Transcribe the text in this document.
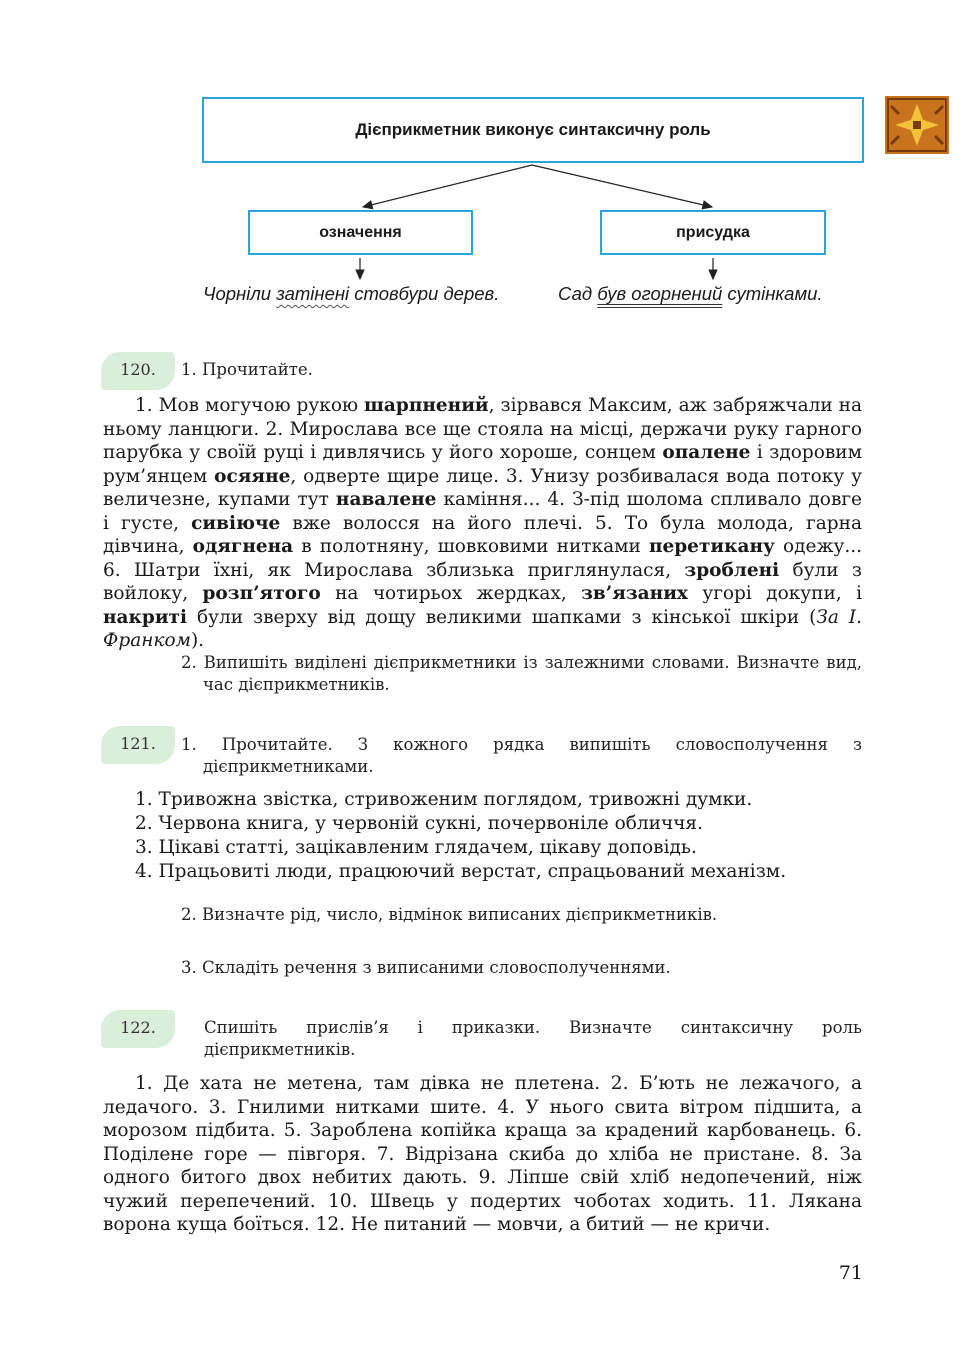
Дієприкметник виконує синтаксичну роль
означення	присудка
Чорніли затінені стовбури дерев.	Сад був огорнений сутінками.
120. 1. Прочитайте.
1. Мов могучою рукою шарпнений, зірвався Максим, аж забряжчали на ньому ланцюги. 2. Мирослава все ще стояла на місці, держачи руку гарного парубка у своїй руці і дивлячись у його хороше, сонцем опалене і здоровим рум’янцем осяяне, одверте щире лице. 3. Унизу розбивалася вода потоку у величезне, купами тут навалене каміння... 4. З-під шолома спливало довге і густе, сивіюче вже волосся на його плечі. 5. То була молода, гарна дівчина, одягнена в полотняну, шовковими нитками перетикану одежу... 6. Шатри їхні, як Мирослава зблизька приглянулася, зроблені були з войлоку, розп’ятого на чотирьох жердках, зв’язаних угорі докупи, і накриті були зверху від дощу великими шапками з кінської шкіри (За І. Франком).
2. Випишіть виділені дієприкметники із залежними словами. Визначте вид, час дієприкметників.
121. 1. Прочитайте. З кожного рядка випишіть словосполучення з дієприкметниками.
1. Тривожна звістка, стривоженим поглядом, тривожні думки.
2. Червона книга, у червоній сукні, почервоніле обличчя.
3. Цікаві статті, зацікавленим глядачем, цікаву доповідь.
4. Працьовиті люди, працюючий верстат, спрацьований механізм.
2. Визначте рід, число, відмінок виписаних дієприкметників.
3. Складіть речення з виписаними словосполученнями.
122.	Спишіть прислів’я і приказки. Визначте синтаксичну роль дієприкметників.
1. Де хата не метена, там дівка не плетена. 2. Б’ють не лежачого, а ледачого. 3. Гнилими нитками шите. 4. У нього свита вітром підшита, а морозом підбита. 5. Зароблена копійка краща за крадений карбованець. 6. Поділене горе — півгоря. 7. Відрізана скиба до хліба не пристане. 8. За одного битого двох небитих дають. 9. Лiпше свій хліб недопечений, ніж чужий перепечений. 10. Швець у подертих чоботах ходить. 11. Лякана ворона куща боїться. 12. Не питаний — мовчи, а битий — не кричи.
71
